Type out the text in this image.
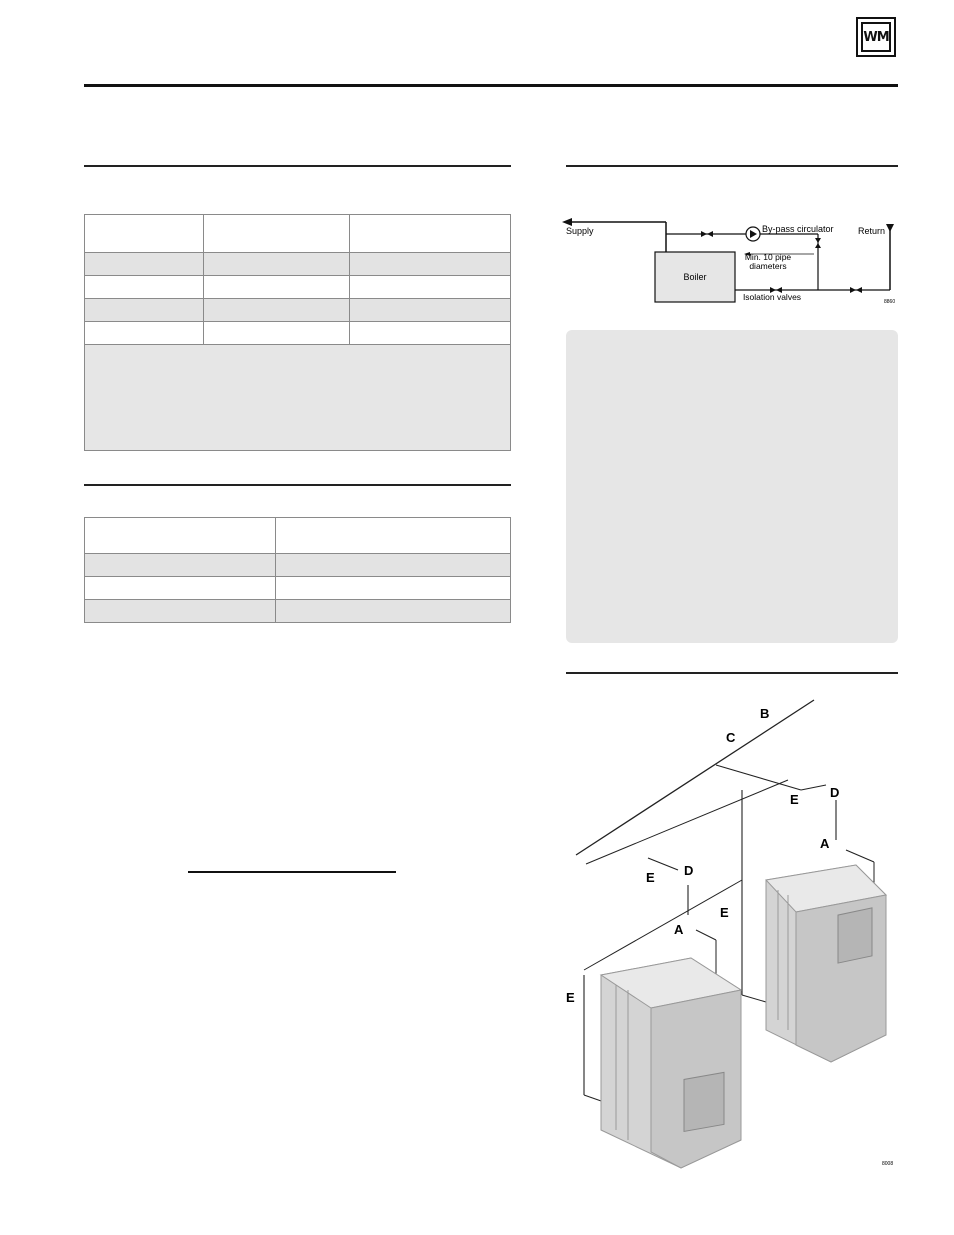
WM

Boiler
Supply	By-pass circulator	Return
Min. 10 pipe
diameters
Isolation valves	8860
B
C
D
E
A
D
E
E
A
E
8008
